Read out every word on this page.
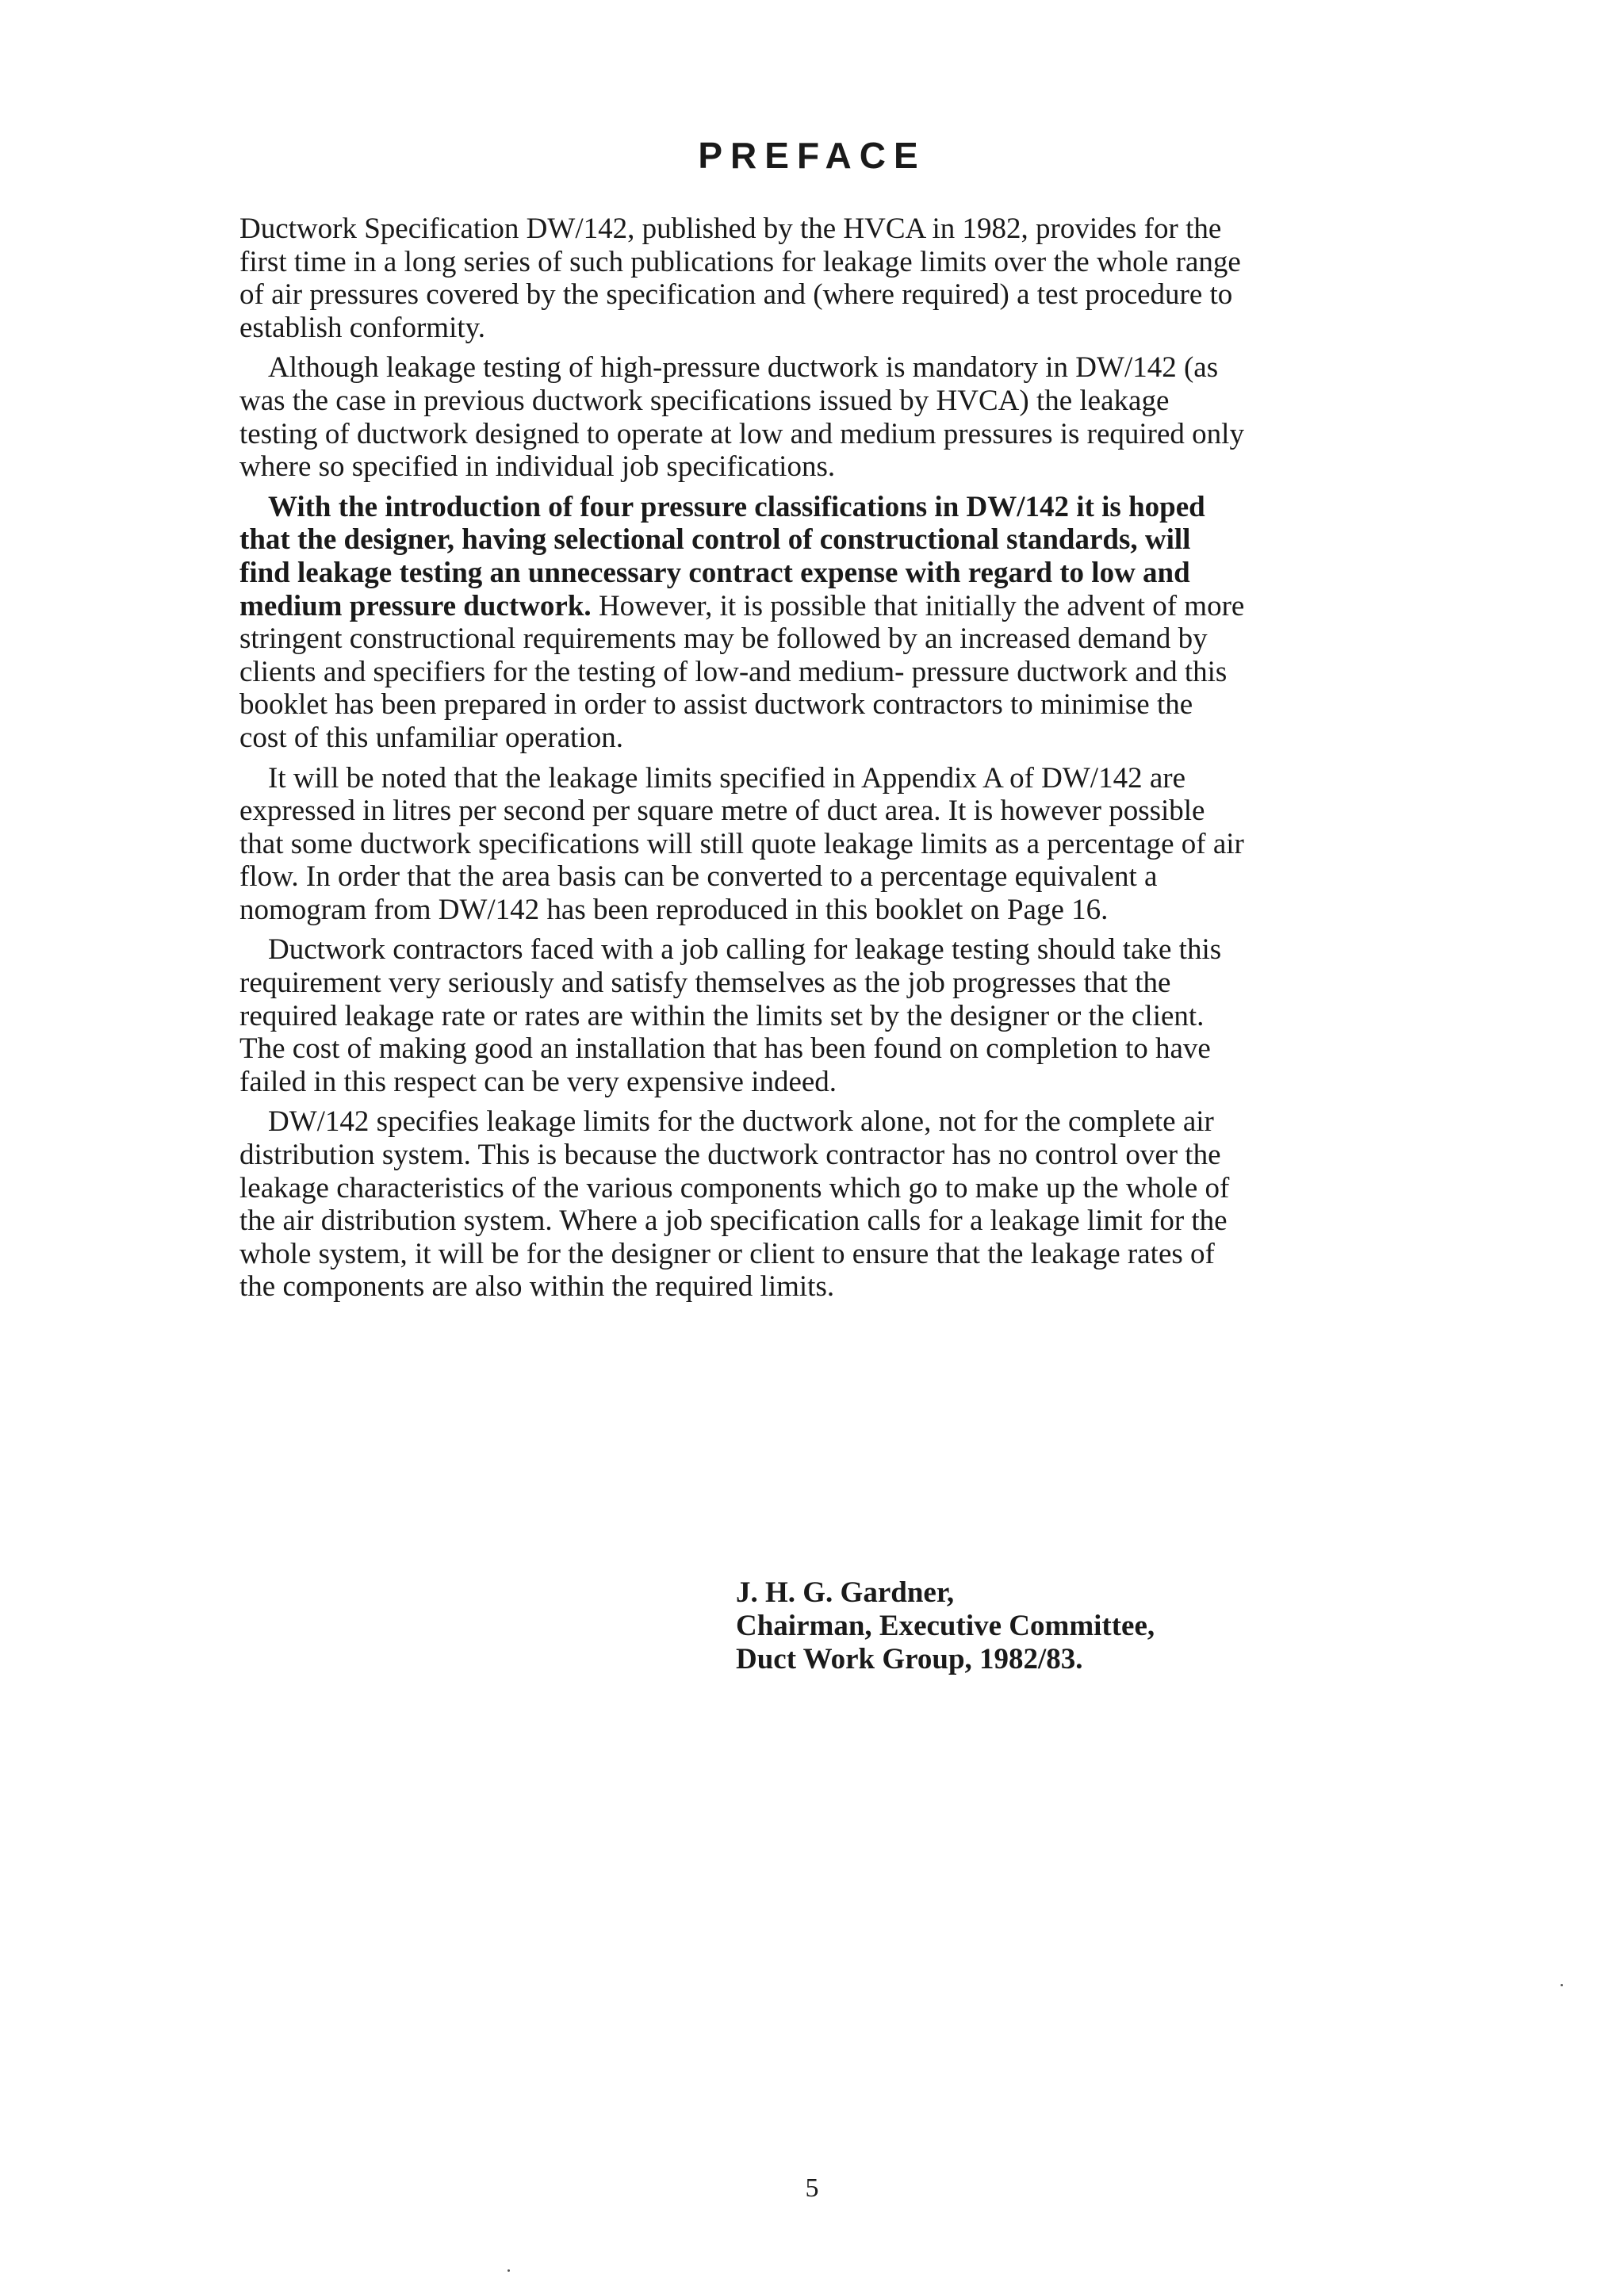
PREFACE

Ductwork Specification DW/142, published by the HVCA in 1982, provides for the first time in a long series of such publications for leakage limits over the whole range of air pressures covered by the specification and (where required) a test procedure to establish conformity.

Although leakage testing of high-pressure ductwork is mandatory in DW/142 (as was the case in previous ductwork specifications issued by HVCA) the leakage testing of ductwork designed to operate at low and medium pressures is required only where so specified in individual job specifications.

With the introduction of four pressure classifications in DW/142 it is hoped that the designer, having selectional control of constructional standards, will find leakage testing an unnecessary contract expense with regard to low and medium pressure ductwork. However, it is possible that initially the advent of more stringent constructional requirements may be followed by an increased demand by clients and specifiers for the testing of low-and medium- pressure ductwork and this booklet has been prepared in order to assist ductwork contractors to minimise the cost of this unfamiliar operation.

It will be noted that the leakage limits specified in Appendix A of DW/142 are expressed in litres per second per square metre of duct area. It is however possible that some ductwork specifications will still quote leakage limits as a percentage of air flow. In order that the area basis can be converted to a percentage equivalent a nomogram from DW/142 has been reproduced in this booklet on Page 16.

Ductwork contractors faced with a job calling for leakage testing should take this requirement very seriously and satisfy themselves as the job progresses that the required leakage rate or rates are within the limits set by the designer or the client. The cost of making good an installation that has been found on completion to have failed in this respect can be very expensive indeed.

DW/142 specifies leakage limits for the ductwork alone, not for the complete air distribution system. This is because the ductwork contractor has no control over the leakage characteristics of the various components which go to make up the whole of the air distribution system. Where a job specification calls for a leakage limit for the whole system, it will be for the designer or client to ensure that the leakage rates of the components are also within the required limits.

J. H. G. Gardner,
Chairman, Executive Committee,
Duct Work Group, 1982/83.
5
